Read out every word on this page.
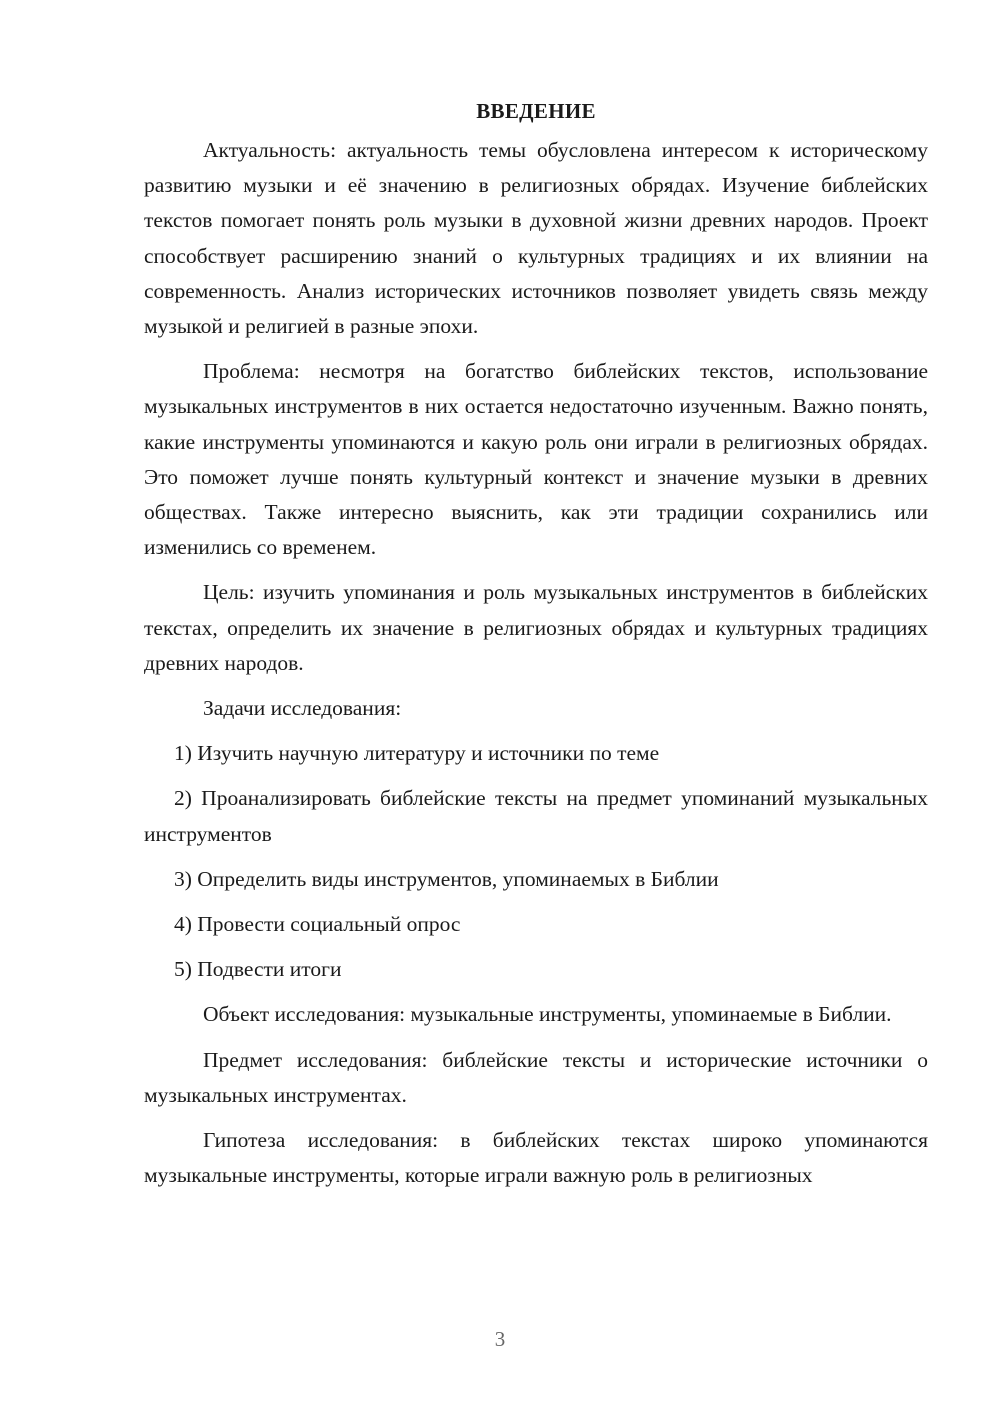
ВВЕДЕНИЕ

Актуальность: актуальность темы обусловлена интересом к историческому развитию музыки и её значению в религиозных обрядах. Изучение библейских текстов помогает понять роль музыки в духовной жизни древних народов. Проект способствует расширению знаний о культурных традициях и их влиянии на современность. Анализ исторических источников позволяет увидеть связь между музыкой и религией в разные эпохи.

Проблема: несмотря на богатство библейских текстов, использование музыкальных инструментов в них остается недостаточно изученным. Важно понять, какие инструменты упоминаются и какую роль они играли в религиозных обрядах. Это поможет лучше понять культурный контекст и значение музыки в древних обществах. Также интересно выяснить, как эти традиции сохранились или изменились со временем.

Цель: изучить упоминания и роль музыкальных инструментов в библейских текстах, определить их значение в религиозных обрядах и культурных традициях древних народов.

Задачи исследования:

1) Изучить научную литературу и источники по теме

2) Проанализировать библейские тексты на предмет упоминаний музыкальных инструментов

3) Определить виды инструментов, упоминаемых в Библии

4) Провести социальный опрос

5) Подвести итоги

Объект исследования: музыкальные инструменты, упоминаемые в Библии.

Предмет исследования: библейские тексты и исторические источники о музыкальных инструментах.

Гипотеза исследования: в библейских текстах широко упоминаются музыкальные инструменты, которые играли важную роль в религиозных

3
